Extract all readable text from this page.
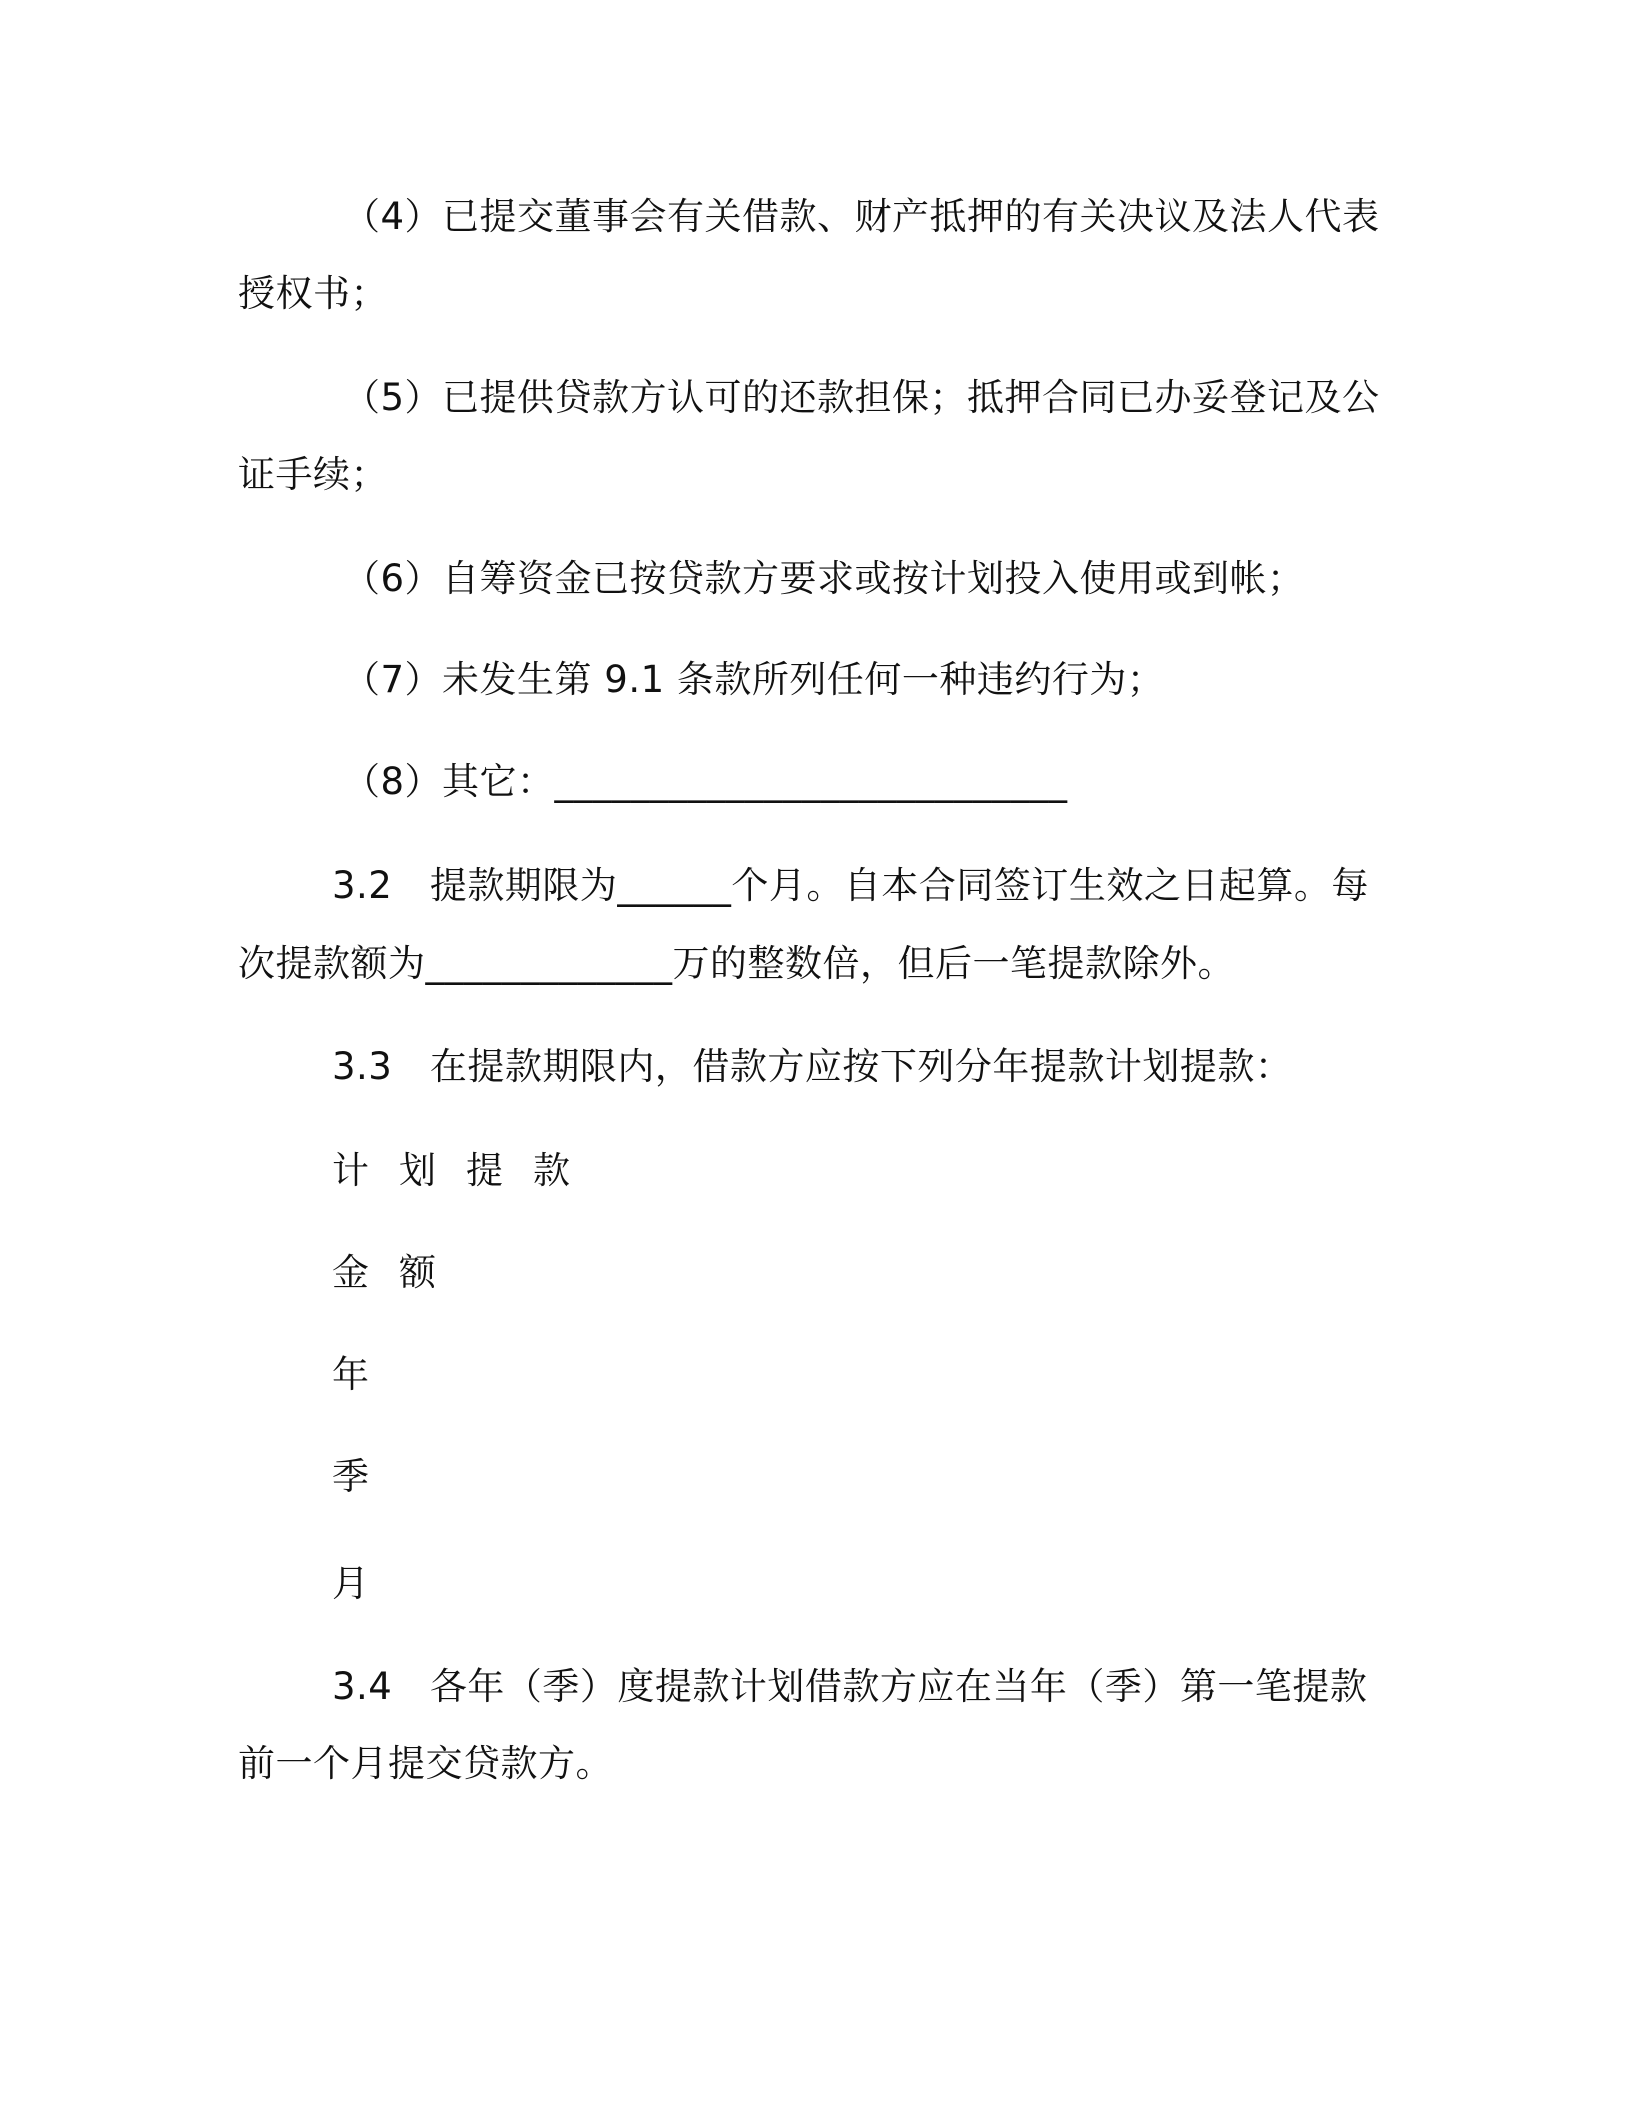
（4）已提交董事会有关借款、财产抵押的有关决议及法人代表
授权书；
（5）已提供贷款方认可的还款担保；抵押合同已办妥登记及公
证手续；
（6）自筹资金已按贷款方要求或按计划投入使用或到帐；
（7）未发生第 9.1 条款所列任何一种违约行为；
（8）其它：___________________________
3.2　提款期限为______个月。自本合同签订生效之日起算。每
次提款额为_____________万的整数倍，但后一笔提款除外。
3.3　在提款期限内，借款方应按下列分年提款计划提款：
计划提款
金额
年
季
月
3.4　各年（季）度提款计划借款方应在当年（季）第一笔提款
前一个月提交贷款方。
